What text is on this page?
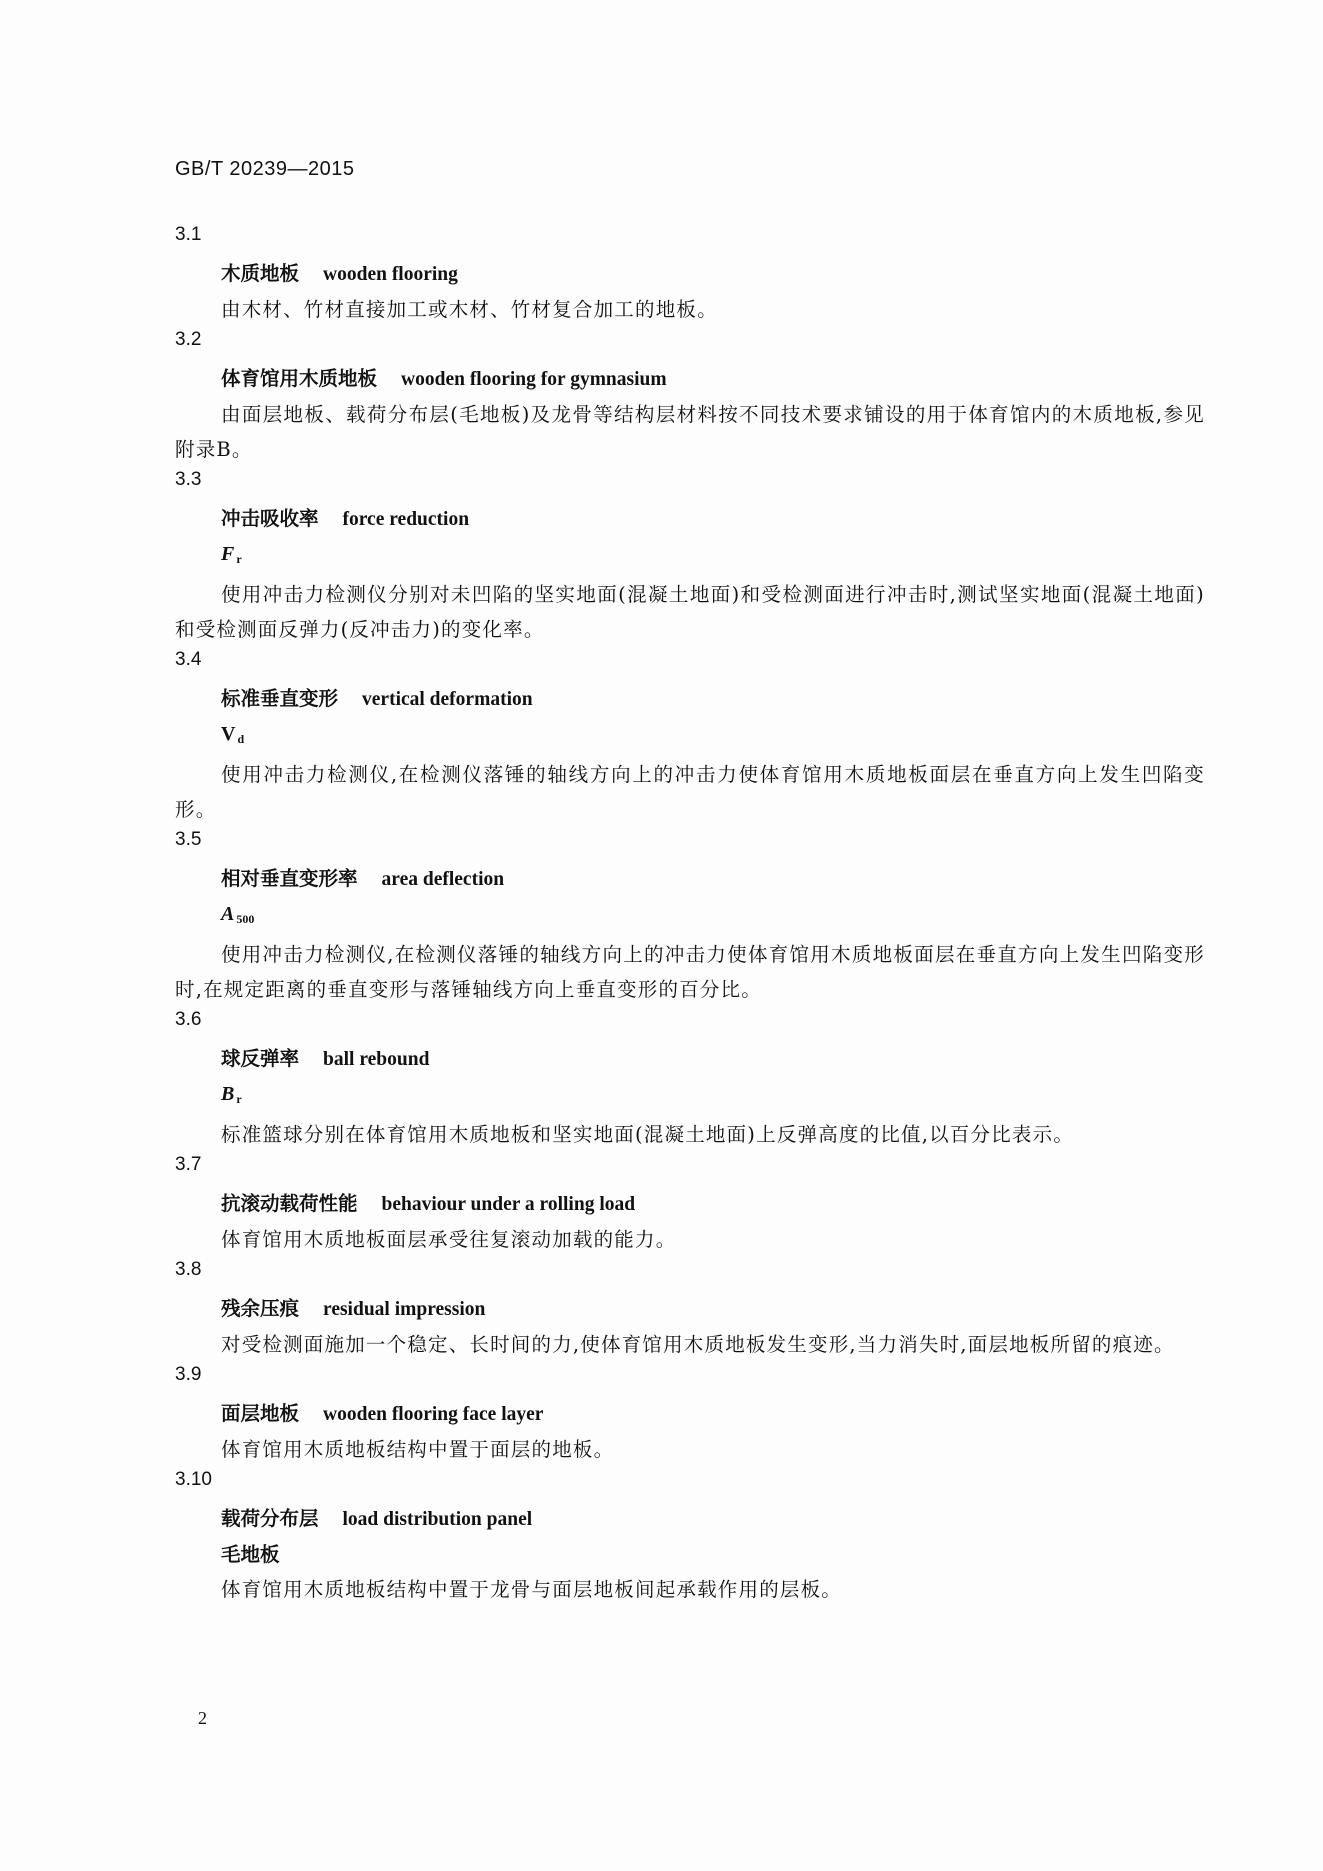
GB/T 20239—2015
3.1
木质地板 wooden flooring
由木材、竹材直接加工或木材、竹材复合加工的地板。
3.2
体育馆用木质地板 wooden flooring for gymnasium
由面层地板、载荷分布层(毛地板)及龙骨等结构层材料按不同技术要求铺设的用于体育馆内的木质地板,参见附录B。
3.3
冲击吸收率 force reduction
F $_r$
使用冲击力检测仪分别对未凹陷的坚实地面(混凝土地面)和受检测面进行冲击时,测试坚实地面(混凝土地面)和受检测面反弹力(反冲击力)的变化率。
3.4
标准垂直变形 vertical deformation
V $_d$
使用冲击力检测仪,在检测仪落锤的轴线方向上的冲击力使体育馆用木质地板面层在垂直方向上发生凹陷变形。
3.5
相对垂直变形率 area deflection
A $_{500}$
使用冲击力检测仪,在检测仪落锤的轴线方向上的冲击力使体育馆用木质地板面层在垂直方向上发生凹陷变形时,在规定距离的垂直变形与落锤轴线方向上垂直变形的百分比。
3.6
球反弹率 ball rebound
B $_r$
标准篮球分别在体育馆用木质地板和坚实地面(混凝土地面)上反弹高度的比值,以百分比表示。
3.7
抗滚动载荷性能 behaviour under a rolling load
体育馆用木质地板面层承受往复滚动加载的能力。
3.8
残余压痕 residual impression
对受检测面施加一个稳定、长时间的力,使体育馆用木质地板发生变形,当力消失时,面层地板所留的痕迹。
3.9
面层地板 wooden flooring face layer
体育馆用木质地板结构中置于面层的地板。
3.10
载荷分布层 load distribution panel
毛地板
体育馆用木质地板结构中置于龙骨与面层地板间起承载作用的层板。
2
